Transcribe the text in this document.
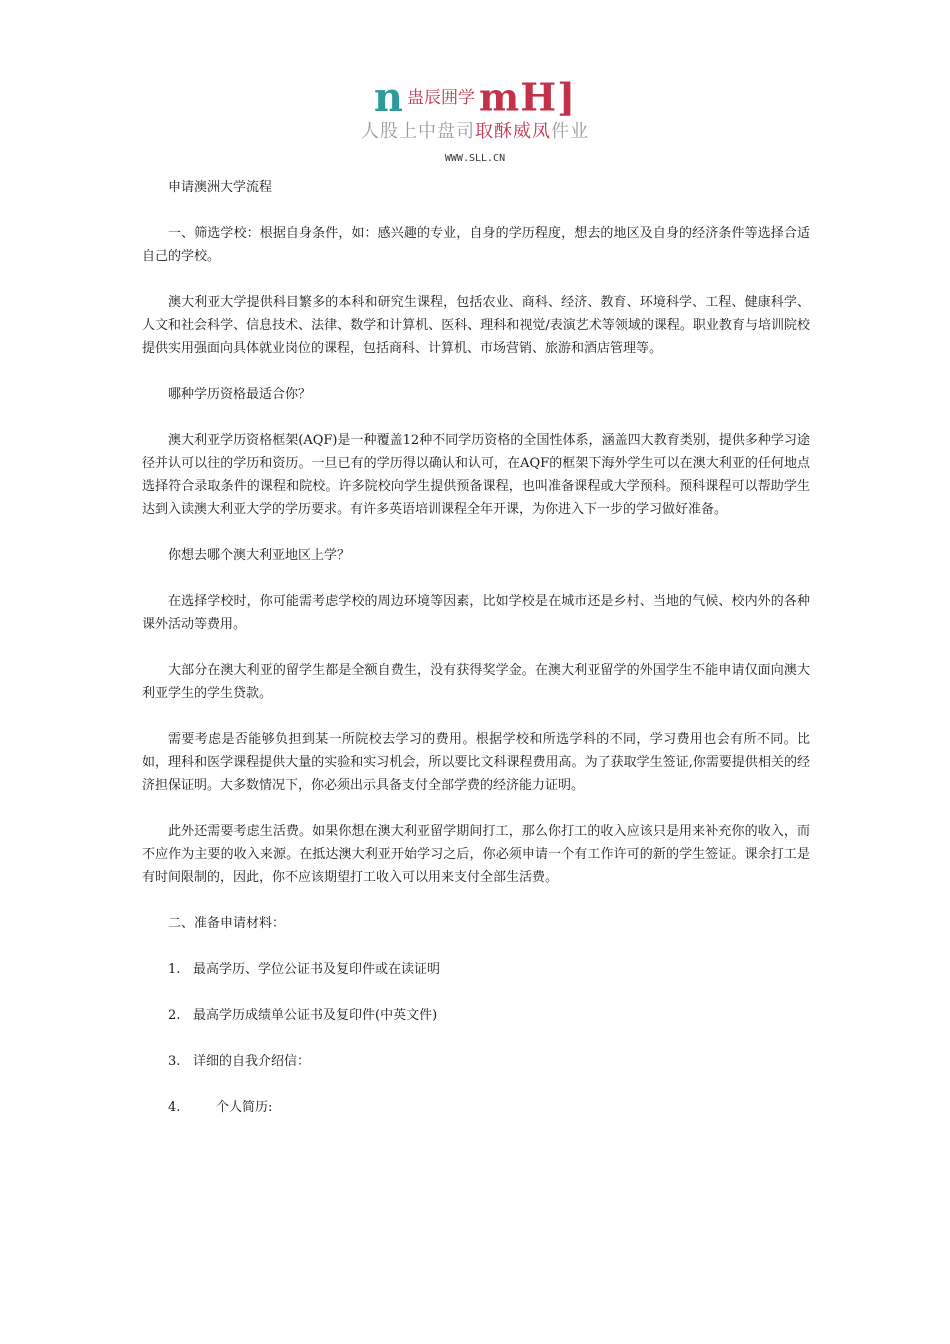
n蛊辰囲学 mH]
人股上中盘司取酥威凤件业
WWW.SLL.CN

申请澳洲大学流程

一、筛选学校：根据自身条件，如：感兴趣的专业，自身的学历程度，想去的地区及自身的经济条件等选择合适自己的学校。

澳大利亚大学提供科目繁多的本科和研究生课程，包括农业、商科、经济、教育、环境科学、工程、健康科学、人文和社会科学、信息技术、法律、数学和计算机、医科、理科和视觉/表演艺术等领域的课程。职业教育与培训院校提供实用强面向具体就业岗位的课程，包括商科、计算机、市场营销、旅游和酒店管理等。

哪种学历资格最适合你？

澳大利亚学历资格框架(AQF)是一种覆盖12种不同学历资格的全国性体系，涵盖四大教育类别，提供多种学习途径并认可以往的学历和资历。一旦已有的学历得以确认和认可，在AQF的框架下海外学生可以在澳大利亚的任何地点选择符合录取条件的课程和院校。许多院校向学生提供预备课程，也叫准备课程或大学预科。预科课程可以帮助学生达到入读澳大利亚大学的学历要求。有许多英语培训课程全年开课，为你进入下一步的学习做好准备。

你想去哪个澳大利亚地区上学？

在选择学校时，你可能需考虑学校的周边环境等因素，比如学校是在城市还是乡村、当地的气候、校内外的各种课外活动等费用。

大部分在澳大利亚的留学生都是全额自费生，没有获得奖学金。在澳大利亚留学的外国学生不能申请仅面向澳大利亚学生的学生贷款。

需要考虑是否能够负担到某一所院校去学习的费用。根据学校和所选学科的不同，学习费用也会有所不同。比如，理科和医学课程提供大量的实验和实习机会，所以要比文科课程费用高。为了获取学生签证,你需要提供相关的经济担保证明。大多数情况下，你必须出示具备支付全部学费的经济能力证明。

此外还需要考虑生活费。如果你想在澳大利亚留学期间打工，那么你打工的收入应该只是用来补充你的收入，而不应作为主要的收入来源。在抵达澳大利亚开始学习之后，你必须申请一个有工作许可的新的学生签证。课余打工是有时间限制的，因此，你不应该期望打工收入可以用来支付全部生活费。

二、准备申请材料：

1. 最高学历、学位公证书及复印件或在读证明
2. 最高学历成绩单公证书及复印件(中英文件)
3. 详细的自我介绍信：
4.	个人简历:
